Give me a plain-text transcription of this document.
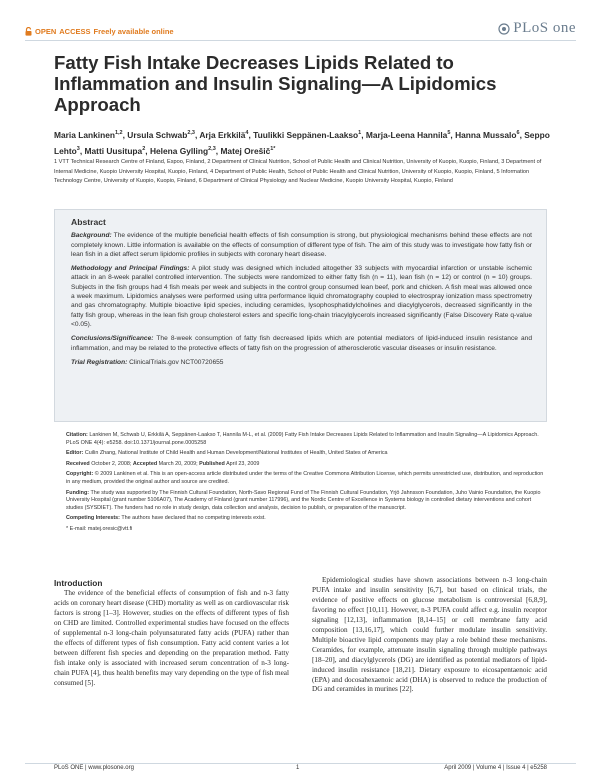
OPEN ACCESS Freely available online	PLoS one
Fatty Fish Intake Decreases Lipids Related to Inflammation and Insulin Signaling—A Lipidomics Approach
Maria Lankinen$^{1,2}$, Ursula Schwab$^{2,3}$, Arja Erkkilä$^4$, Tuulikki Seppänen-Laakso$^1$, Marja-Leena Hannila$^5$, Hanna Mussalo$^6$, Seppo Lehto$^3$, Matti Uusitupa$^2$, Helena Gylling$^{2,3}$, Matej Orešič$^{1*}$
1 VTT Technical Research Centre of Finland, Espoo, Finland, 2 Department of Clinical Nutrition, School of Public Health and Clinical Nutrition, University of Kuopio, Kuopio, Finland, 3 Department of Internal Medicine, Kuopio University Hospital, Kuopio, Finland, 4 Department of Public Health, School of Public Health and Clinical Nutrition, University of Kuopio, Kuopio, Finland, 5 Information Technology Centre, University of Kuopio, Kuopio, Finland, 6 Department of Clinical Physiology and Nuclear Medicine, Kuopio University Hospital, Kuopio, Finland
Abstract

Background: The evidence of the multiple beneficial health effects of fish consumption is strong, but physiological mechanisms behind these effects are not completely known. Little information is available on the effects of consumption of different type of fish. The aim of this study was to investigate how fatty fish or lean fish in a diet affect serum lipidomic profiles in subjects with coronary heart disease.

Methodology and Principal Findings: A pilot study was designed which included altogether 33 subjects with myocardial infarction or unstable ischemic attack in an 8-week parallel controlled intervention. The subjects were randomized to either fatty fish (n = 11), lean fish (n = 12) or control (n = 10) groups. Subjects in the fish groups had 4 fish meals per week and subjects in the control group consumed lean beef, pork and chicken. A fish meal was allowed once a week maximum. Lipidomics analyses were performed using ultra performance liquid chromatography coupled to electrospray ionization mass spectrometry and gas chromatography. Multiple bioactive lipid species, including ceramides, lysophosphatidylcholines and diacylglycerols, decreased significantly in the fatty fish group, whereas in the lean fish group cholesterol esters and specific long-chain triacylglycerols increased significantly (False Discovery Rate q-value <0.05).

Conclusions/Significance: The 8-week consumption of fatty fish decreased lipids which are potential mediators of lipid-induced insulin resistance and inflammation, and may be related to the protective effects of fatty fish on the progression of atherosclerotic vascular diseases or insulin resistance.

Trial Registration: ClinicalTrials.gov NCT00720655

Citation: Lankinen M, Schwab U, Erkkilä A, Seppänen-Laakso T, Hannila M-L, et al. (2009) Fatty Fish Intake Decreases Lipids Related to Inflammation and Insulin Signaling—A Lipidomics Approach. PLoS ONE 4(4): e5258. doi:10.1371/journal.pone.0005258

Editor: Cuilin Zhang, National Institute of Child Health and Human Development/National Institutes of Health, United States of America

Received October 2, 2008; Accepted March 20, 2009; Published April 23, 2009

Copyright: © 2009 Lankinen et al. This is an open-access article distributed under the terms of the Creative Commons Attribution License, which permits unrestricted use, distribution, and reproduction in any medium, provided the original author and source are credited.

Funding: The study was supported by The Finnish Cultural Foundation, North-Savo Regional Fund of The Finnish Cultural Foundation, Yrjö Jahnsson Foundation, Juho Vainio Foundation, the Kuopio University Hospital (grant number 5106A07), The Academy of Finland (grant number 117996), and the Nordic Centre of Excellence in Systems biology in controlled dietary interventions and cohort studies (SYSDIET). The funders had no role in study design, data collection and analysis, decision to publish, or preparation of the manuscript.

Competing Interests: The authors have declared that no competing interests exist.

* E-mail: matej.oresic@vtt.fi

Introduction
The evidence of the beneficial effects of consumption of fish and n-3 fatty acids on coronary heart disease (CHD) mortality as well as on cardiovascular risk factors is strong [1–3]. However, studies on the effects of different types of fish on CHD are limited. Controlled experimental studies have focused on the effects of supplemental n-3 long-chain polyunsaturated fatty acids (PUFA) rather than the effects of different types of fish consumption. Fatty acid content varies a lot between different fish species and depending on the preparation method. Fatty fish intake only is associated with increased serum concentration of n-3 long-chain PUFA [4], thus health benefits may vary depending on the type of fish meal consumed [5].
Epidemiological studies have shown associations between n-3 long-chain PUFA intake and insulin sensitivity [6,7], but based on clinical trials, the evidence of positive effects on glucose metabolism is controversial [6,8,9], favoring no effect [10,11]. However, n-3 PUFA could affect e.g. insulin receptor signaling [12,13], inflammation [8,14–15] or cell membrane fatty acid composition [13,16,17], which could further modulate insulin sensitivity. Multiple bioactive lipid components may play a role behind these mechanisms. Ceramides, for example, attenuate insulin signaling through multiple pathways [18–20], and diacylglycerols (DG) are identified as potential mediators of lipid-induced insulin resistance [18,21]. Dietary exposure to eicosapentaenoic acid (EPA) and docosahexaenoic acid (DHA) is observed to reduce the production of DG and ceramides in murines [22].
PLoS ONE | www.plosone.org	1	April 2009 | Volume 4 | Issue 4 | e5258
